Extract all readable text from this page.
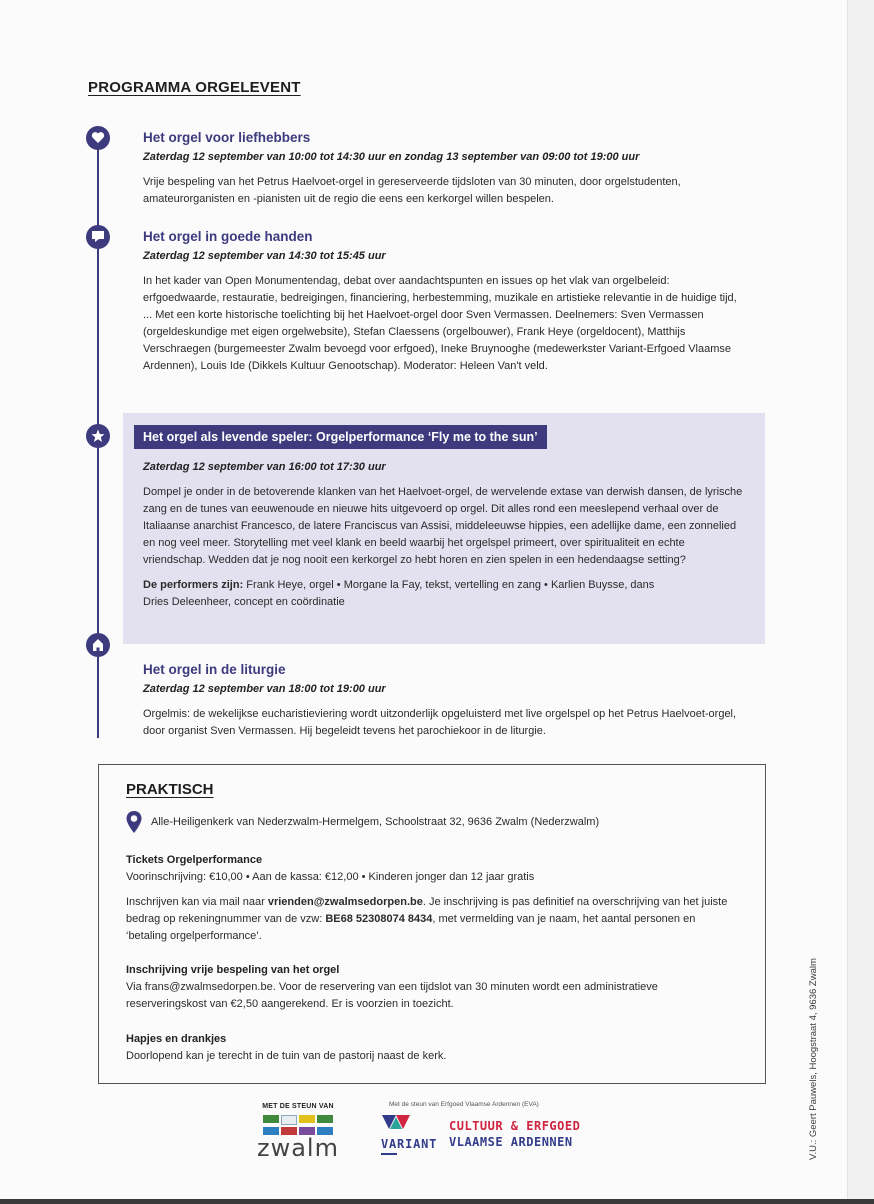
PROGRAMMA ORGELEVENT
Het orgel voor liefhebbers

Zaterdag 12 september van 10:00 tot 14:30 uur en zondag 13 september van 09:00 tot 19:00 uur

Vrije bespeling van het Petrus Haelvoet-orgel in gereserveerde tijdsloten van 30 minuten, door orgelstudenten, amateurorganisten en -pianisten uit de regio die eens een kerkorgel willen bespelen.

Het orgel in goede handen

Zaterdag 12 september van 14:30 tot 15:45 uur

In het kader van Open Monumentendag, debat over aandachtspunten en issues op het vlak van orgelbeleid: erfgoedwaarde, restauratie, bedreigingen, financiering, herbestemming, muzikale en artistieke relevantie in de huidige tijd, ... Met een korte historische toelichting bij het Haelvoet-orgel door Sven Vermassen. Deelnemers: Sven Vermassen (orgeldeskundige met eigen orgelwebsite), Stefan Claessens (orgelbouwer), Frank Heye (orgeldocent), Matthijs Verschraegen (burgemeester Zwalm bevoegd voor erfgoed), Ineke Bruynooghe (medewerkster Variant-Erfgoed Vlaamse Ardennen), Louis Ide (Dikkels Kultuur Genootschap). Moderator: Heleen Van't veld.

Het orgel als levende speler: Orgelperformance ‘Fly me to the sun’

Zaterdag 12 september van 16:00 tot 17:30 uur

Dompel je onder in de betoverende klanken van het Haelvoet-orgel, de wervelende extase van derwish dansen, de lyrische zang en de tunes van eeuwenoude en nieuwe hits uitgevoerd op orgel. Dit alles rond een meeslepend verhaal over de Italiaanse anarchist Francesco, de latere Franciscus van Assisi, middeleeuwse hippies, een adellijke dame, een zonnelied en nog veel meer. Storytelling met veel klank en beeld waarbij het orgelspel primeert, over spiritualiteit en echte vriendschap. Wedden dat je nog nooit een kerkorgel zo hebt horen en zien spelen in een hedendaagse setting?

De performers zijn: Frank Heye, orgel • Morgane la Fay, tekst, vertelling en zang • Karlien Buysse, dans
Dries Deleenheer, concept en coördinatie

Het orgel in de liturgie

Zaterdag 12 september van 18:00 tot 19:00 uur

Orgelmis: de wekelijkse eucharistieviering wordt uitzonderlijk opgeluisterd met live orgelspel op het Petrus Haelvoet-orgel, door organist Sven Vermassen. Hij begeleidt tevens het parochiekoor in de liturgie.

PRAKTISCH
Alle-Heiligenkerk van Nederzwalm-Hermelgem, Schoolstraat 32, 9636 Zwalm (Nederzwalm)

Tickets Orgelperformance

Voorinschrijving: €10,00 • Aan de kassa: €12,00 • Kinderen jonger dan 12 jaar gratis

Inschrijven kan via mail naar vrienden@zwalmsedorpen.be. Je inschrijving is pas definitief na overschrijving van het juiste bedrag op rekeningnummer van de vzw: BE68 52308074 8434, met vermelding van je naam, het aantal personen en ‘betaling orgelperformance’.

Inschrijving vrije bespeling van het orgel

Via frans@zwalmsedorpen.be. Voor de reservering van een tijdslot van 30 minuten wordt een administratieve reserveringskost van €2,50 aangerekend. Er is voorzien in toezicht.

Hapjes en drankjes

Doorlopend kan je terecht in de tuin van de pastorij naast de kerk.

MET DE STEUN VAN
zwalm
Met de steun van Erfgoed Vlaamse Ardennen (EVA)
VARIANT
CULTUUR & ERFGOED
VLAAMSE ARDENNEN	V.U.: Geert Pauwels, Hoogstraat 4, 9636 Zwalm
